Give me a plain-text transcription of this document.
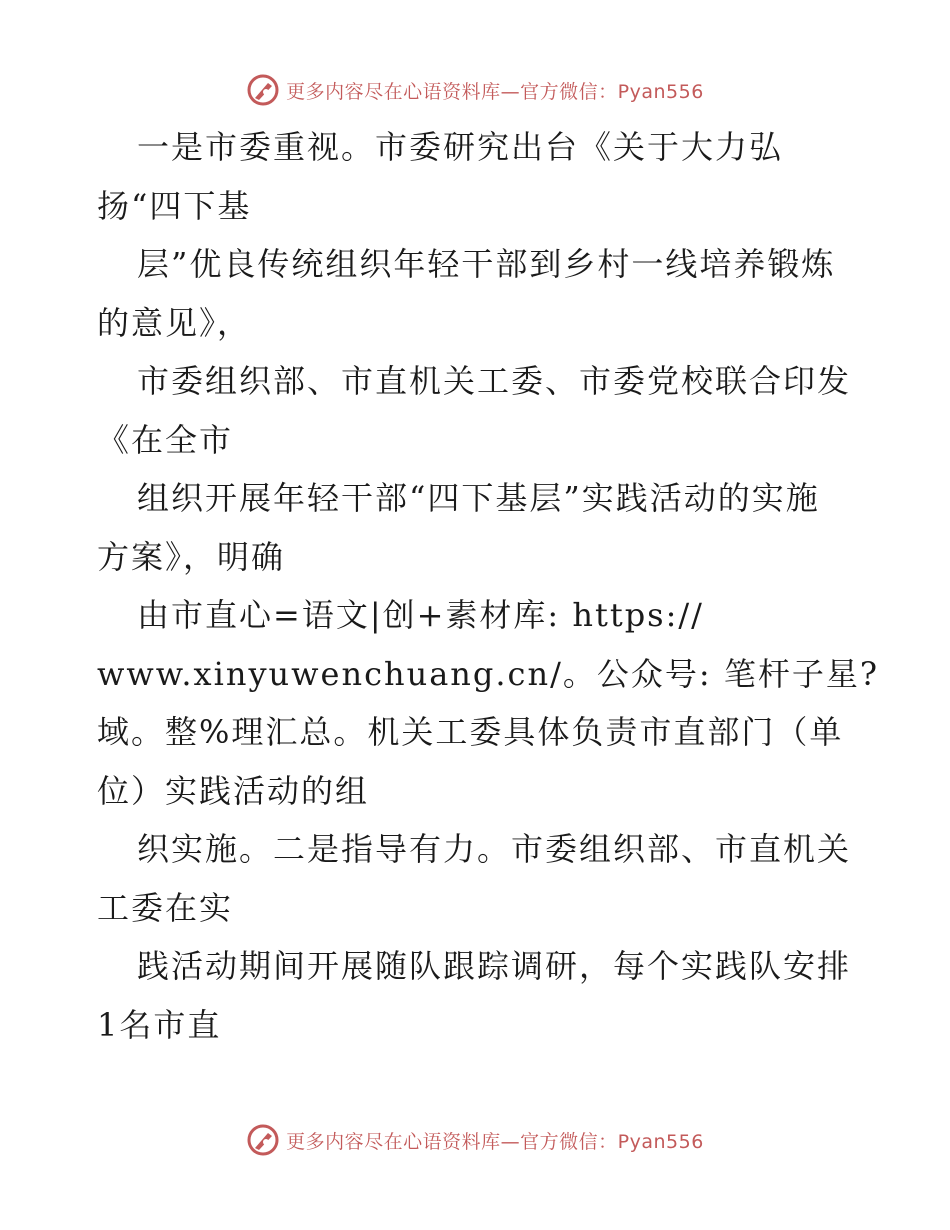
更多内容尽在心语资料库—官方微信：Pyan556
一是市委重视。市委研究出台《关于大力弘
扬“四下基
层”优良传统组织年轻干部到乡村一线培养锻炼
的意见》，
市委组织部、市直机关工委、市委党校联合印发
《在全市
组织开展年轻干部“四下基层”实践活动的实施
方案》，明确
由市直心=语文|创+素材库: https://
www.xinyuwenchuang.cn/。公众号: 笔杆子星?
域。整%理汇总。机关工委具体负责市直部门（单
位）实践活动的组
织实施。二是指导有力。市委组织部、市直机关
工委在实
践活动期间开展随队跟踪调研，每个实践队安排
1名市直
更多内容尽在心语资料库—官方微信：Pyan556
